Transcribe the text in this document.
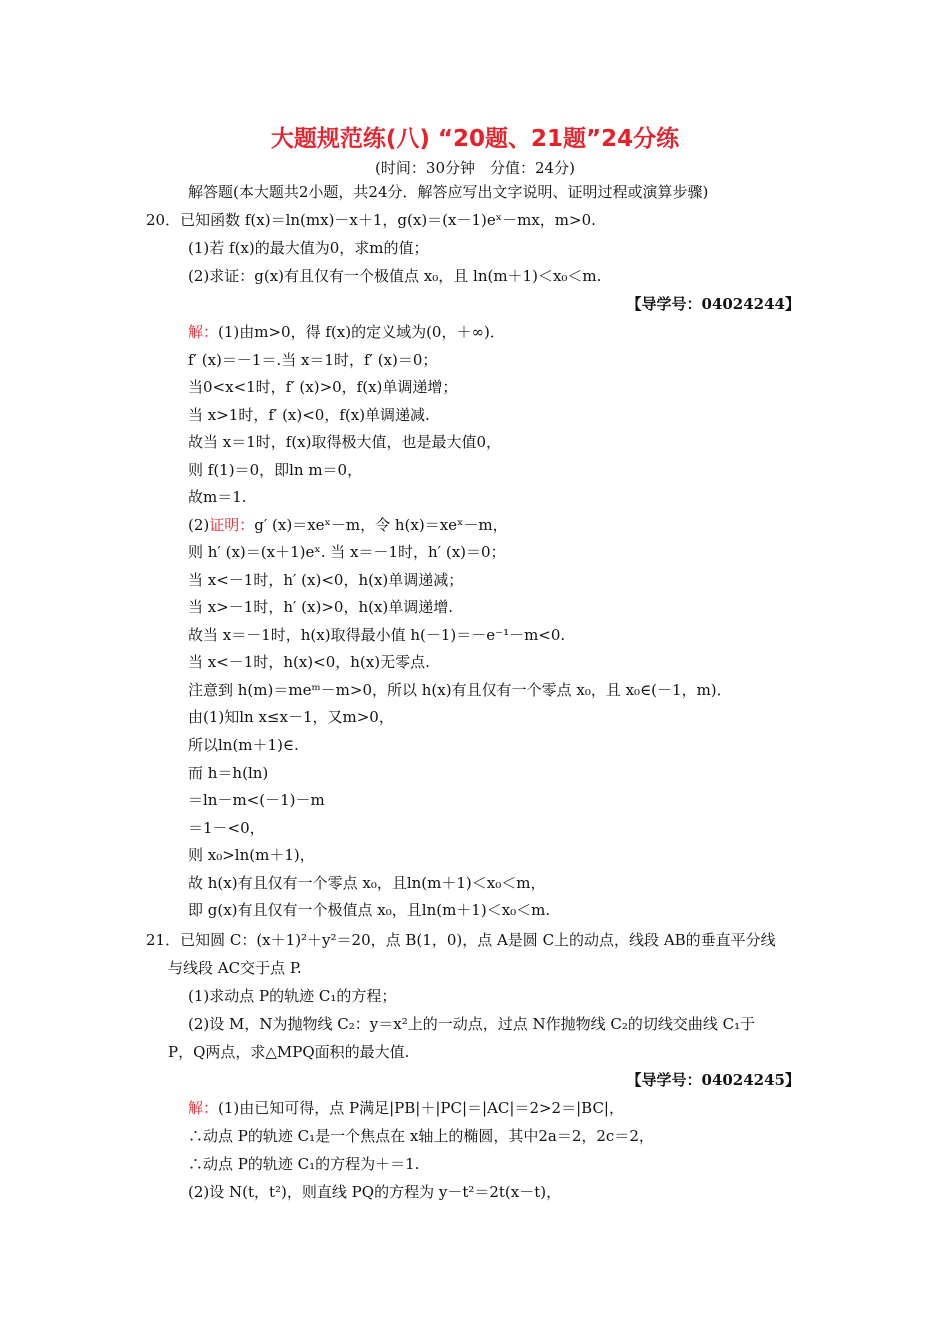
大题规范练(八) “20题、21题”24分练
(时间：30分钟　分值：24分)
解答题(本大题共2小题，共24分．解答应写出文字说明、证明过程或演算步骤)
20．已知函数 f(x)＝ln(mx)－x＋1，g(x)＝(x－1)eˣ－mx，m>0.
(1)若 f(x)的最大值为0，求m的值；
(2)求证：g(x)有且仅有一个极值点 x₀，且 ln(m＋1)＜x₀＜m.
【导学号：04024244】
解：(1)由m>0，得 f(x)的定义域为(0，＋∞)．
f′ (x)＝－1＝.当 x＝1时，f′ (x)＝0；
当0<x<1时，f′ (x)>0，f(x)单调递增；
当 x>1时，f′ (x)<0，f(x)单调递减.
故当 x＝1时，f(x)取得极大值，也是最大值0，
则 f(1)＝0，即ln m＝0，
故m＝1.
(2)证明：g′ (x)＝xeˣ－m，令 h(x)＝xeˣ－m，
则 h′ (x)＝(x＋1)eˣ. 当 x＝－1时，h′ (x)＝0；
当 x<－1时，h′ (x)<0，h(x)单调递减；
当 x>－1时，h′ (x)>0，h(x)单调递增.
故当 x＝－1时，h(x)取得最小值 h(－1)＝－e⁻¹－m<0.
当 x<－1时，h(x)<0，h(x)无零点.
注意到 h(m)＝meᵐ－m>0，所以 h(x)有且仅有一个零点 x₀，且 x₀∈(－1，m)．
由(1)知ln x≤x－1，又m>0，
所以ln(m＋1)∈.
而 h＝h(ln)
＝ln－m<(－1)－m
＝1－<0，
则 x₀>ln(m＋1)，
故 h(x)有且仅有一个零点 x₀，且ln(m＋1)＜x₀＜m，
即 g(x)有且仅有一个极值点 x₀，且ln(m＋1)＜x₀＜m.
21．已知圆 C：(x＋1)²＋y²＝20，点 B(1，0)，点 A是圆 C上的动点，线段 AB的垂直平分线
与线段 AC交于点 P.
(1)求动点 P的轨迹 C₁的方程；
(2)设 M，N为抛物线 C₂：y＝x²上的一动点，过点 N作抛物线 C₂的切线交曲线 C₁于
P，Q两点，求△MPQ面积的最大值.
【导学号：04024245】
解：(1)由已知可得，点 P满足|PB|＋|PC|＝|AC|＝2>2＝|BC|，
∴动点 P的轨迹 C₁是一个焦点在 x轴上的椭圆，其中2a＝2，2c＝2，
∴动点 P的轨迹 C₁的方程为＋＝1.
(2)设 N(t，t²)，则直线 PQ的方程为 y－t²＝2t(x－t)，
